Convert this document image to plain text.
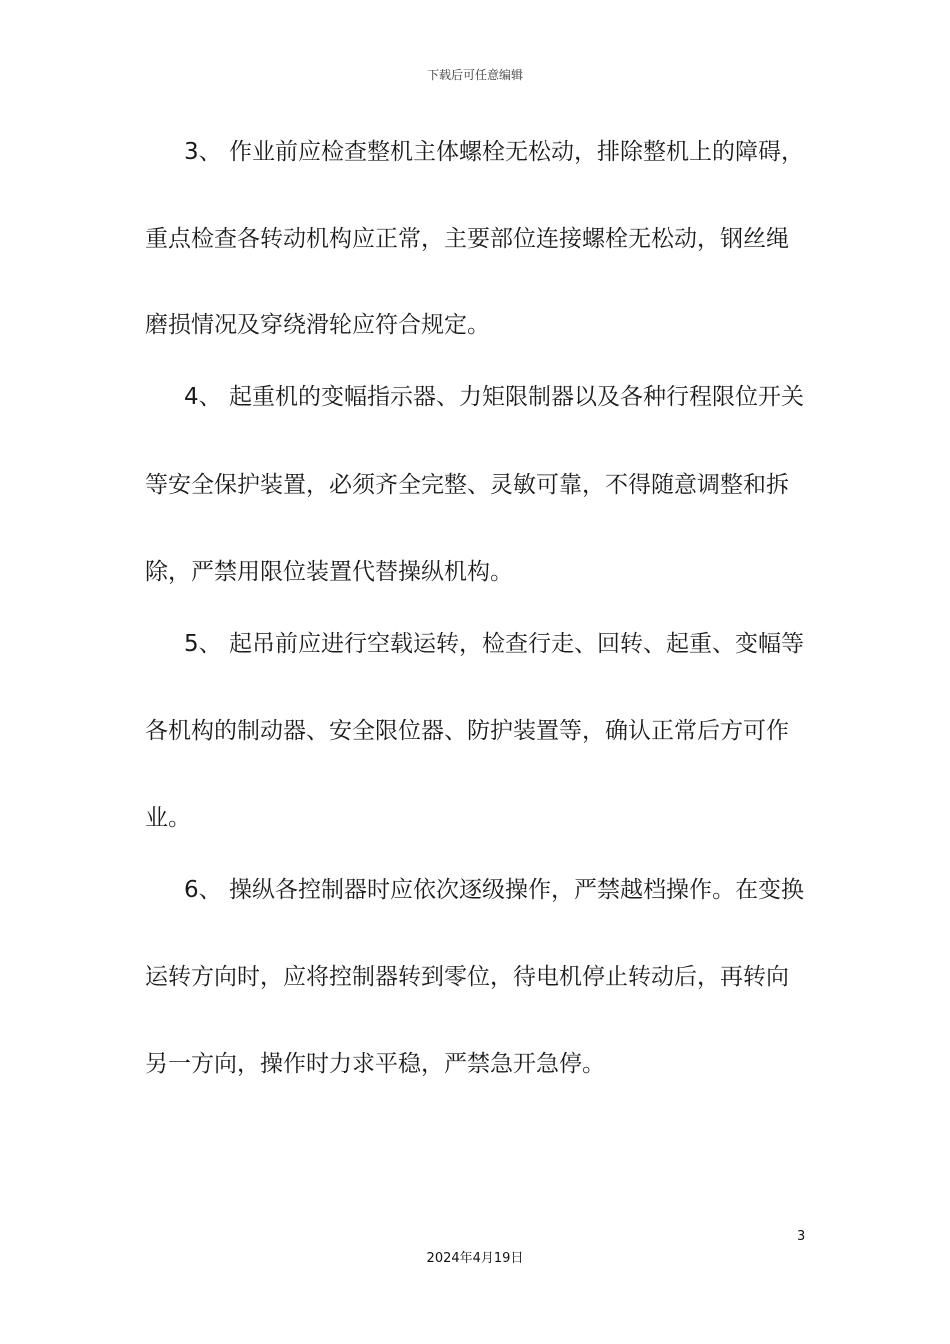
下载后可任意编辑
3、 作业前应检查整机主体螺栓无松动，排除整机上的障碍，
重点检查各转动机构应正常，主要部位连接螺栓无松动，钢丝绳
磨损情况及穿绕滑轮应符合规定。
4、 起重机的变幅指示器、力矩限制器以及各种行程限位开关
等安全保护装置，必须齐全完整、灵敏可靠，不得随意调整和拆
除，严禁用限位装置代替操纵机构。
5、 起吊前应进行空载运转，检查行走、回转、起重、变幅等
各机构的制动器、安全限位器、防护装置等，确认正常后方可作
业。
6、 操纵各控制器时应依次逐级操作，严禁越档操作。在变换
运转方向时，应将控制器转到零位，待电机停止转动后，再转向
另一方向，操作时力求平稳，严禁急开急停。
3
2024年4月19日
